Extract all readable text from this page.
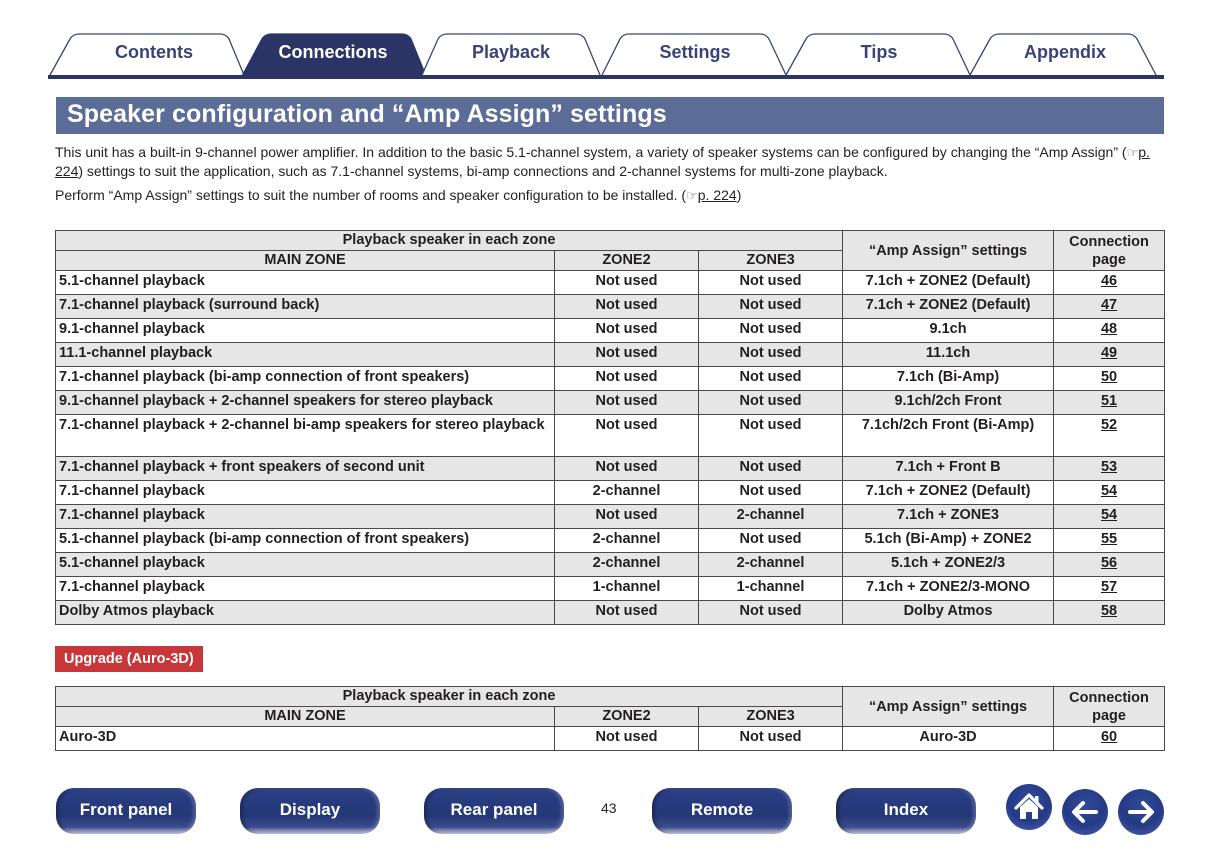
Contents	Connections	Playback	Settings	Tips	Appendix
Speaker configuration and “Amp Assign” settings

This unit has a built-in 9-channel power amplifier. In addition to the basic 5.1-channel system, a variety of speaker systems can be configured by changing the “Amp Assign” (☞p. 224) settings to suit the application, such as 7.1-channel systems, bi-amp connections and 2-channel systems for multi-zone playback.

Perform “Amp Assign” settings to suit the number of rooms and speaker configuration to be installed. (☞p. 224)

Playback speaker in each zone			“Amp Assign” settings	Connection page
MAIN ZONE	ZONE2	ZONE3		
5.1-channel playback	Not used	Not used	7.1ch + ZONE2 (Default)	46
7.1-channel playback (surround back)	Not used	Not used	7.1ch + ZONE2 (Default)	47
9.1-channel playback	Not used	Not used	9.1ch	48
11.1-channel playback	Not used	Not used	11.1ch	49
7.1-channel playback (bi-amp connection of front speakers)	Not used	Not used	7.1ch (Bi-Amp)	50
9.1-channel playback + 2-channel speakers for stereo playback	Not used	Not used	9.1ch/2ch Front	51
7.1-channel playback + 2-channel bi-amp speakers for stereo playback	Not used	Not used	7.1ch/2ch Front (Bi-Amp)	52
7.1-channel playback + front speakers of second unit	Not used	Not used	7.1ch + Front B	53
7.1-channel playback	2-channel	Not used	7.1ch + ZONE2 (Default)	54
7.1-channel playback	Not used	2-channel	7.1ch + ZONE3	54
5.1-channel playback (bi-amp connection of front speakers)	2-channel	Not used	5.1ch (Bi-Amp) + ZONE2	55
5.1-channel playback	2-channel	2-channel	5.1ch + ZONE2/3	56
7.1-channel playback	1-channel	1-channel	7.1ch + ZONE2/3-MONO	57
Dolby Atmos playback	Not used	Not used	Dolby Atmos	58
Upgrade (Auro-3D)
Playback speaker in each zone			“Amp Assign” settings	Connection page
MAIN ZONE	ZONE2	ZONE3		
Auro-3D	Not used	Not used	Auro-3D	60
Front panel	Display	Rear panel	43	Remote	Index
